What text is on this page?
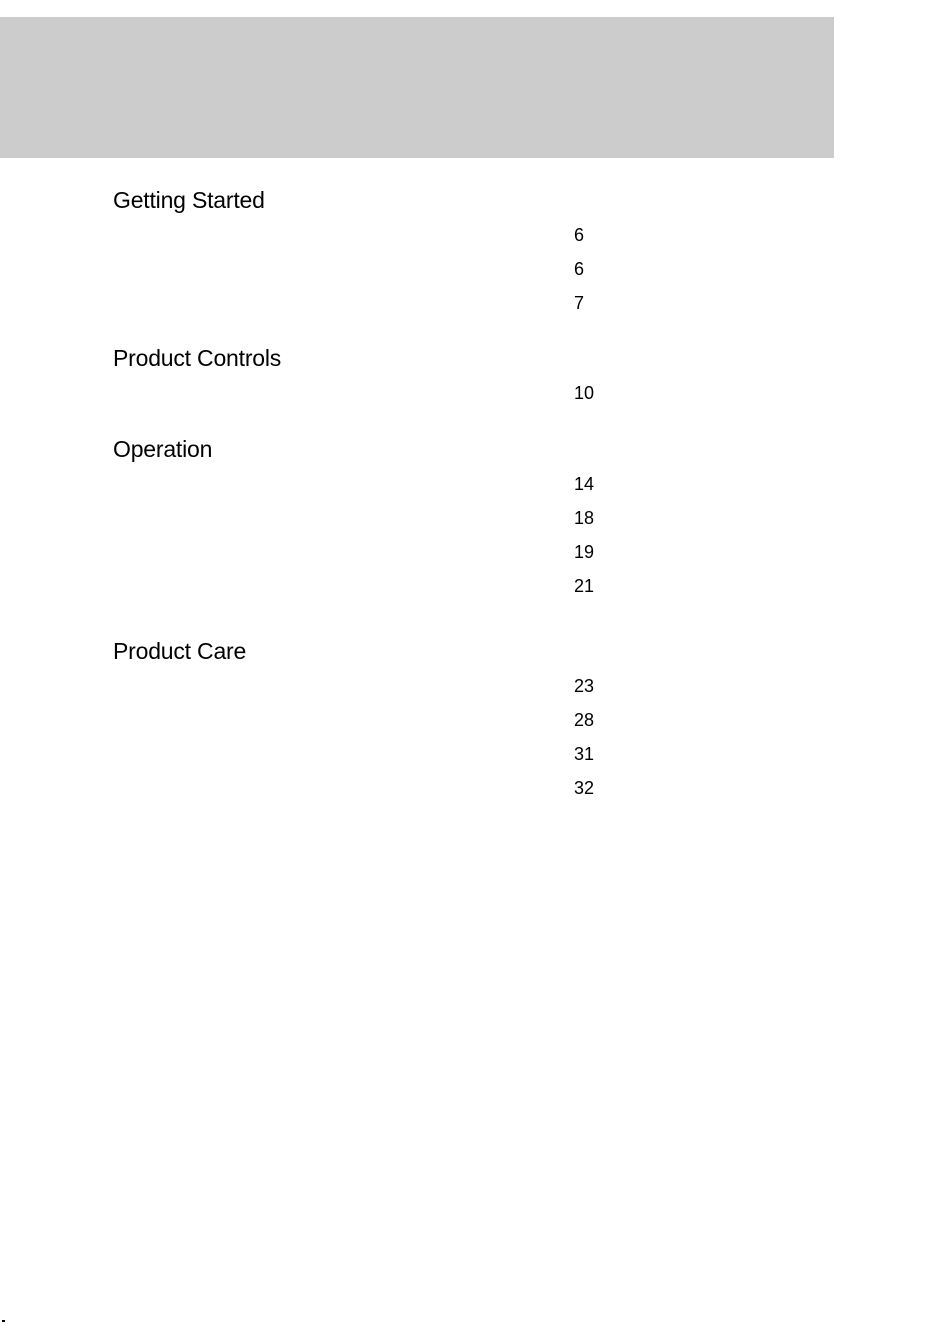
Getting Started
6
6
7
Product Controls
10
Operation
14
18
19
21
Product Care
23
28
31
32
